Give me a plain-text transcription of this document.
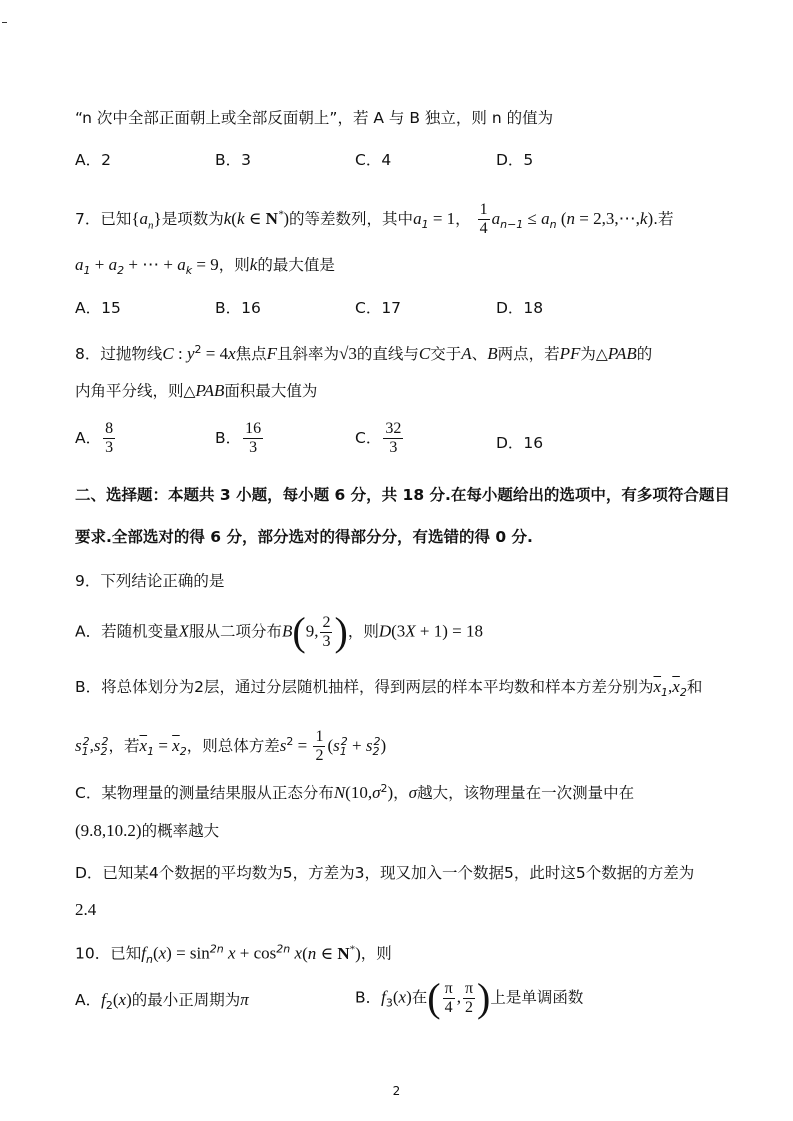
“n 次中全部正面朝上或全部反面朝上”，若 A 与 B 独立，则 n 的值为
A．2	B．3	C．4	D．5
7．已知$\{a_n\}$是项数为k(k ∈ N*)的等差数列，其中$a_1 = 1$， $\frac{1}{4} a_{n-1} \le a_n$ (n = 2,3,⋯,k).若
$a_1 + a_2$ + ⋯ + $a_k = 9$，则k的最大值是
A．15	B．16	C．17	D．18
8．过抛物线C : $y^2 = 4x$焦点F且斜率为√3的直线与C交于A、B两点，若PF为△PAB的
内角平分线，则△PAB面积最大值为
A． $\frac{8}{3}$	B． $\frac{16}{3}$	C． $\frac{32}{3}$	D．16
二、选择题：本题共 3 小题，每小题 6 分，共 18 分.在每小题给出的选项中，有多项符合题目
要求.全部选对的得 6 分，部分选对的得部分分，有选错的得 0 分.
9．下列结论正确的是
A．若随机变量X服从二项分布B(9, $\frac{2}{3}$ )，则D(3X + 1) = 18
B．将总体划分为2层，通过分层随机抽样，得到两层的样本平均数和样本方差分别为$\overline{x}_1,\overline{x}_2$和
$s_1^2,s_2^2$，若$\overline{x}_1 = \overline{x}_2$，则总体方差$s^2 = \frac{1}{2} (s_1^2 + s_2^2)$
C．某物理量的测量结果服从正态分布$N(10,\sigma^2)$，σ越大，该物理量在一次测量中在
(9.8,10.2)的概率越大
D．已知某4个数据的平均数为5，方差为3，现又加入一个数据5，此时这5个数据的方差为
2.4
10．已知$f_n(x) = \sin^{2n} x + \cos^{2n} x(n$ ∈ N*)，则
A．$f_2(x)$的最小正周期为π	B．$f_3(x)$在( $\frac{\pi}{4}$ , $\frac{\pi}{2}$ )上是单调函数
2
